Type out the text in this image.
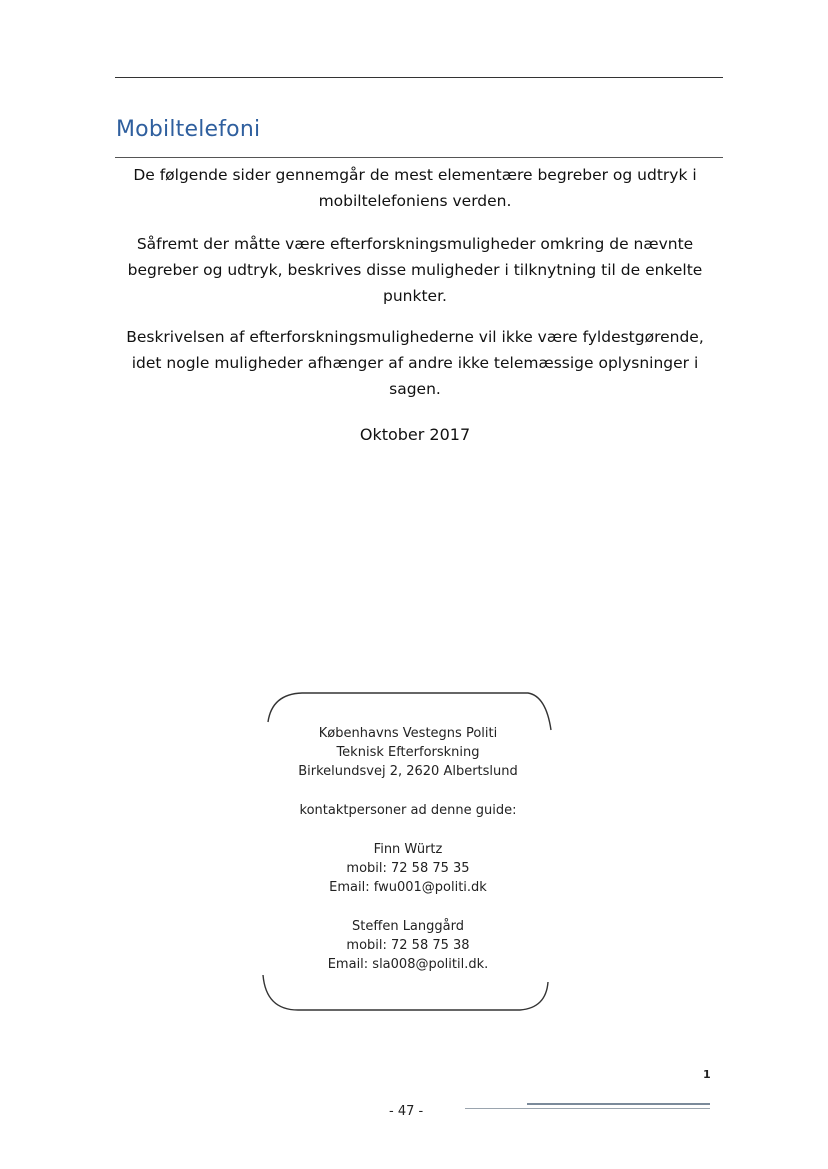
Mobiltelefoni
De følgende sider gennemgår de mest elementære begreber og udtryk i mobiltelefoniens verden.
Såfremt der måtte være efterforskningsmuligheder omkring de nævnte begreber og udtryk, beskrives disse muligheder i tilknytning til de enkelte punkter.
Beskrivelsen af efterforskningsmulighederne vil ikke være fyldestgørende, idet nogle muligheder afhænger af andre ikke telemæssige oplysninger i sagen.
Oktober 2017
Københavns Vestegns Politi
Teknisk Efterforskning
Birkelundsvej 2, 2620 Albertslund
kontaktpersoner ad denne guide:
Finn Würtz
mobil: 72 58 75 35
Email: fwu001@politi.dk
Steffen Langgård
mobil: 72 58 75 38
Email: sla008@politil.dk.
1
- 47 -
